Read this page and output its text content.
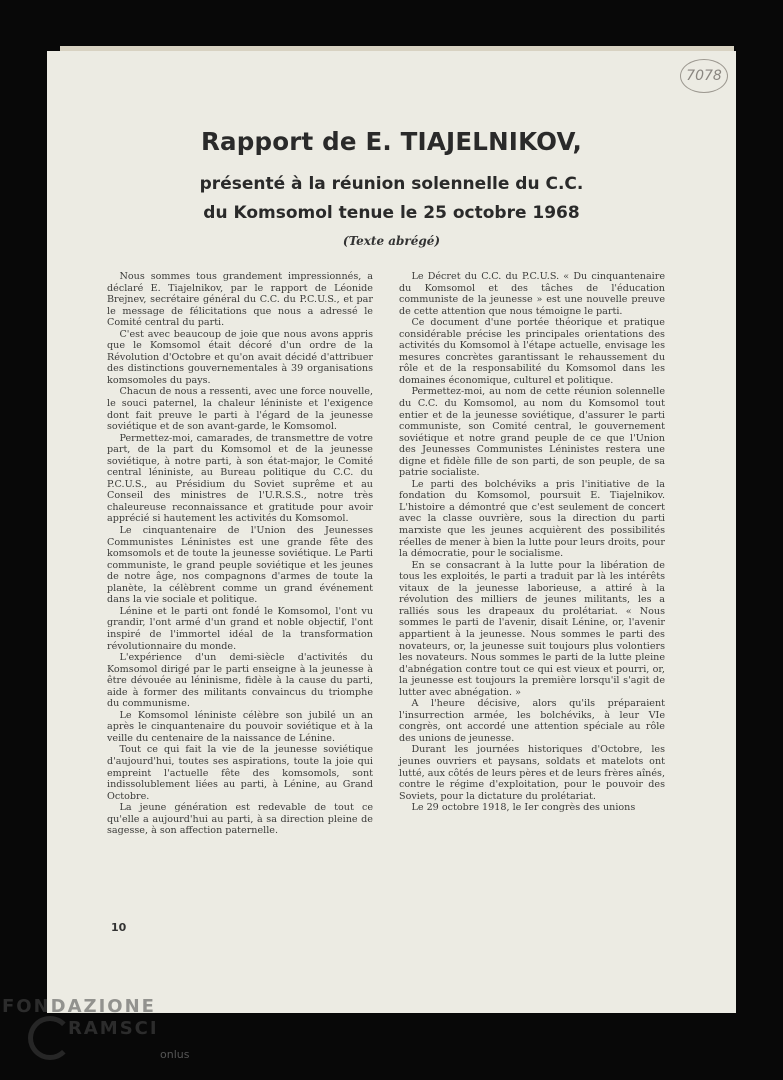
7078
Rapport de E. TIAJELNIKOV,
présenté à la réunion solennelle du C.C.
du Komsomol tenue le 25 octobre 1968
(Texte abrégé)

Nous sommes tous grandement impressionnés, a déclaré E. Tiajelnikov, par le rapport de Léonide Brejnev, secrétaire général du C.C. du P.C.U.S., et par le message de félicitations que nous a adressé le Comité central du parti.

C'est avec beaucoup de joie que nous avons appris que le Komsomol était décoré d'un ordre de la Révolution d'Octobre et qu'on avait décidé d'attribuer des distinctions gouvernementales à 39 organisations komsomoles du pays.

Chacun de nous a ressenti, avec une force nouvelle, le souci paternel, la chaleur léniniste et l'exigence dont fait preuve le parti à l'égard de la jeunesse soviétique et de son avant-garde, le Komsomol.

Permettez-moi, camarades, de transmettre de votre part, de la part du Komsomol et de la jeunesse soviétique, à notre parti, à son état-major, le Comité central léniniste, au Bureau politique du C.C. du P.C.U.S., au Présidium du Soviet suprême et au Conseil des ministres de l'U.R.S.S., notre très chaleureuse reconnaissance et gratitude pour avoir apprécié si hautement les activités du Komsomol.

Le cinquantenaire de l'Union des Jeunesses Communistes Léninistes est une grande fête des komsomols et de toute la jeunesse soviétique. Le Parti communiste, le grand peuple soviétique et les jeunes de notre âge, nos compagnons d'armes de toute la planète, la célèbrent comme un grand événement dans la vie sociale et politique.

Lénine et le parti ont fondé le Komsomol, l'ont vu grandir, l'ont armé d'un grand et noble objectif, l'ont inspiré de l'immortel idéal de la transformation révolutionnaire du monde.

L'expérience d'un demi-siècle d'activités du Komsomol dirigé par le parti enseigne à la jeunesse à être dévouée au léninisme, fidèle à la cause du parti, aide à former des militants convaincus du triomphe du communisme.

Le Komsomol léniniste célèbre son jubilé un an après le cinquantenaire du pouvoir soviétique et à la veille du centenaire de la naissance de Lénine.

Tout ce qui fait la vie de la jeunesse soviétique d'aujourd'hui, toutes ses aspirations, toute la joie qui empreint l'actuelle fête des komsomols, sont indissolublement liées au parti, à Lénine, au Grand Octobre.

La jeune génération est redevable de tout ce qu'elle a aujourd'hui au parti, à sa direction pleine de sagesse, à son affection paternelle.

Le Décret du C.C. du P.C.U.S. « Du cinquantenaire du Komsomol et des tâches de l'éducation communiste de la jeunesse » est une nouvelle preuve de cette attention que nous témoigne le parti.

Ce document d'une portée théorique et pratique considérable précise les principales orientations des activités du Komsomol à l'étape actuelle, envisage les mesures concrètes garantissant le rehaussement du rôle et de la responsabilité du Komsomol dans les domaines économique, culturel et politique.

Permettez-moi, au nom de cette réunion solennelle du C.C. du Komsomol, au nom du Komsomol tout entier et de la jeunesse soviétique, d'assurer le parti communiste, son Comité central, le gouvernement soviétique et notre grand peuple de ce que l'Union des Jeunesses Communistes Léninistes restera une digne et fidèle fille de son parti, de son peuple, de sa patrie socialiste.

Le parti des bolchéviks a pris l'initiative de la fondation du Komsomol, poursuit E. Tiajelnikov. L'histoire a démontré que c'est seulement de concert avec la classe ouvrière, sous la direction du parti marxiste que les jeunes acquièrent des possibilités réelles de mener à bien la lutte pour leurs droits, pour la démocratie, pour le socialisme.

En se consacrant à la lutte pour la libération de tous les exploités, le parti a traduit par là les intérêts vitaux de la jeunesse laborieuse, a attiré à la révolution des milliers de jeunes militants, les a ralliés sous les drapeaux du prolétariat. « Nous sommes le parti de l'avenir, disait Lénine, or, l'avenir appartient à la jeunesse. Nous sommes le parti des novateurs, or, la jeunesse suit toujours plus volontiers les novateurs. Nous sommes le parti de la lutte pleine d'abnégation contre tout ce qui est vieux et pourri, or, la jeunesse est toujours la première lorsqu'il s'agit de lutter avec abnégation. »

A l'heure décisive, alors qu'ils préparaient l'insurrection armée, les bolchéviks, à leur VIe congrès, ont accordé une attention spéciale au rôle des unions de jeunesse.

Durant les journées historiques d'Octobre, les jeunes ouvriers et paysans, soldats et matelots ont lutté, aux côtés de leurs pères et de leurs frères aînés, contre le régime d'exploitation, pour le pouvoir des Soviets, pour la dictature du prolétariat.

Le 29 octobre 1918, le Ier congrès des unions

10
FONDAZIONE
RAMSCI
onlus
